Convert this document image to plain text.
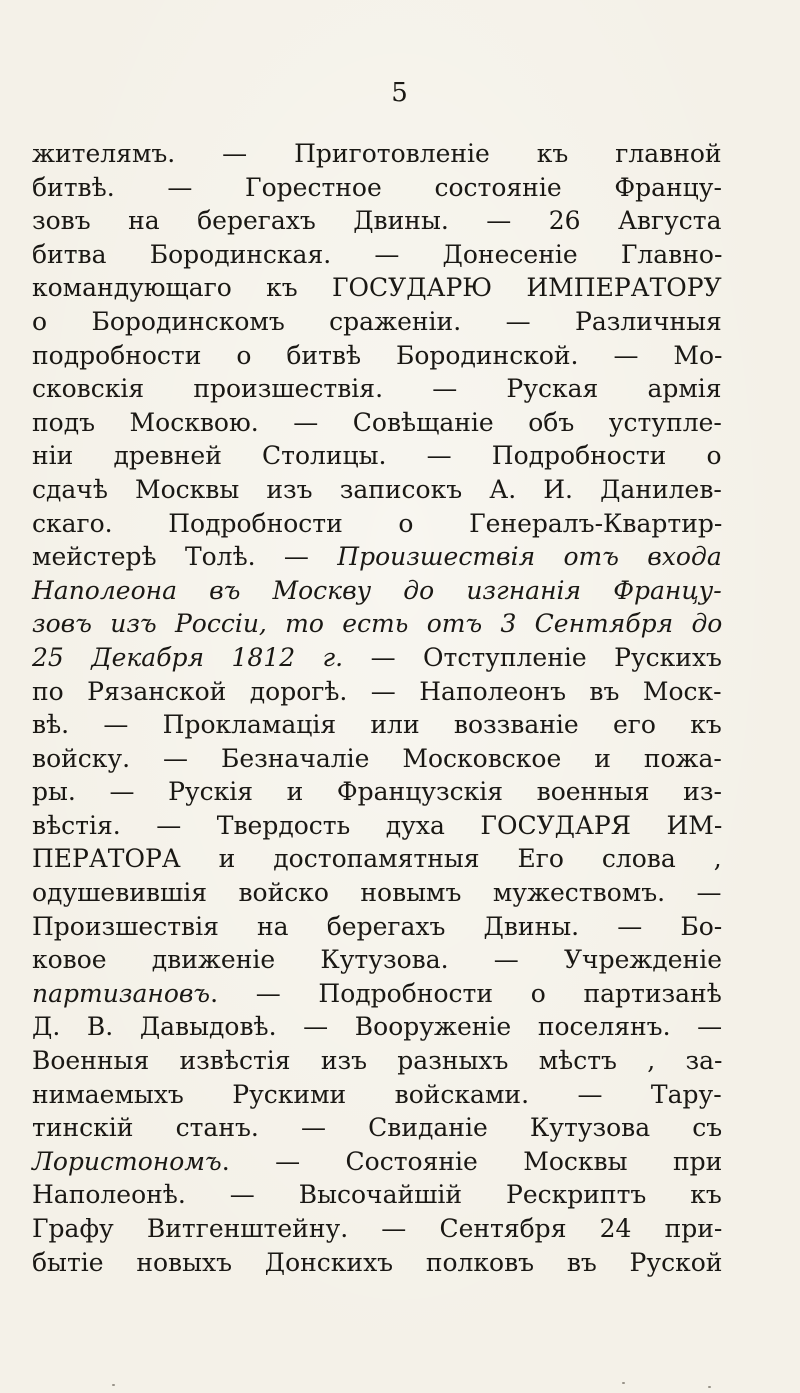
5
жителямъ. — Приготовленіе къ главной
битвѣ. — Горестное состояніе Францу-
зовъ на берегахъ Двины. — 26 Августа
битва Бородинская. — Донесеніе Главно-
командующаго къ ГОСУДАРЮ ИМПЕРАТОРУ
о Бородинскомъ сраженіи. — Различныя
подробности о битвѣ Бородинской. — Мо-
сковскія произшествія. — Руская армія
подъ Москвою. — Совѣщаніе объ уступле-
ніи древней Столицы. — Подробности о
сдачѣ Москвы изъ записокъ А. И. Данилев-
скаго. Подробности о Генералъ-Квартир-
мейстерѣ Толѣ. — Произшествія отъ входа
Наполеона въ Москву до изгнанія Францу-
зовъ изъ Россіи, то есть отъ 3 Сентября до
25 Декабря 1812 г. — Отступленіе Рускихъ
по Рязанской дорогѣ. — Наполеонъ въ Моск-
вѣ. — Прокламація или воззваніе его къ
войску. — Безначаліе Московское и пожа-
ры. — Рускія и Французскія военныя из-
вѣстія. — Твердость духа ГОСУДАРЯ ИМ-
ПЕРАТОРА и достопамятныя Его слова ,
одушевившія войско новымъ мужествомъ. —
Произшествія на берегахъ Двины. — Бо-
ковое движеніе Кутузова. — Учрежденіе
партизановъ. — Подробности о партизанѣ
Д. В. Давыдовѣ. — Вооруженіе поселянъ. —
Военныя извѣстія изъ разныхъ мѣстъ , за-
нимаемыхъ Рускими войсками. — Тару-
тинскій станъ. — Свиданіе Кутузова съ
Лористономъ. — Состояніе Москвы при
Наполеонѣ. — Высочайшій Рескриптъ къ
Графу Витгенштейну. — Сентября 24 при-
бытіе новыхъ Донскихъ полковъ въ Руской
